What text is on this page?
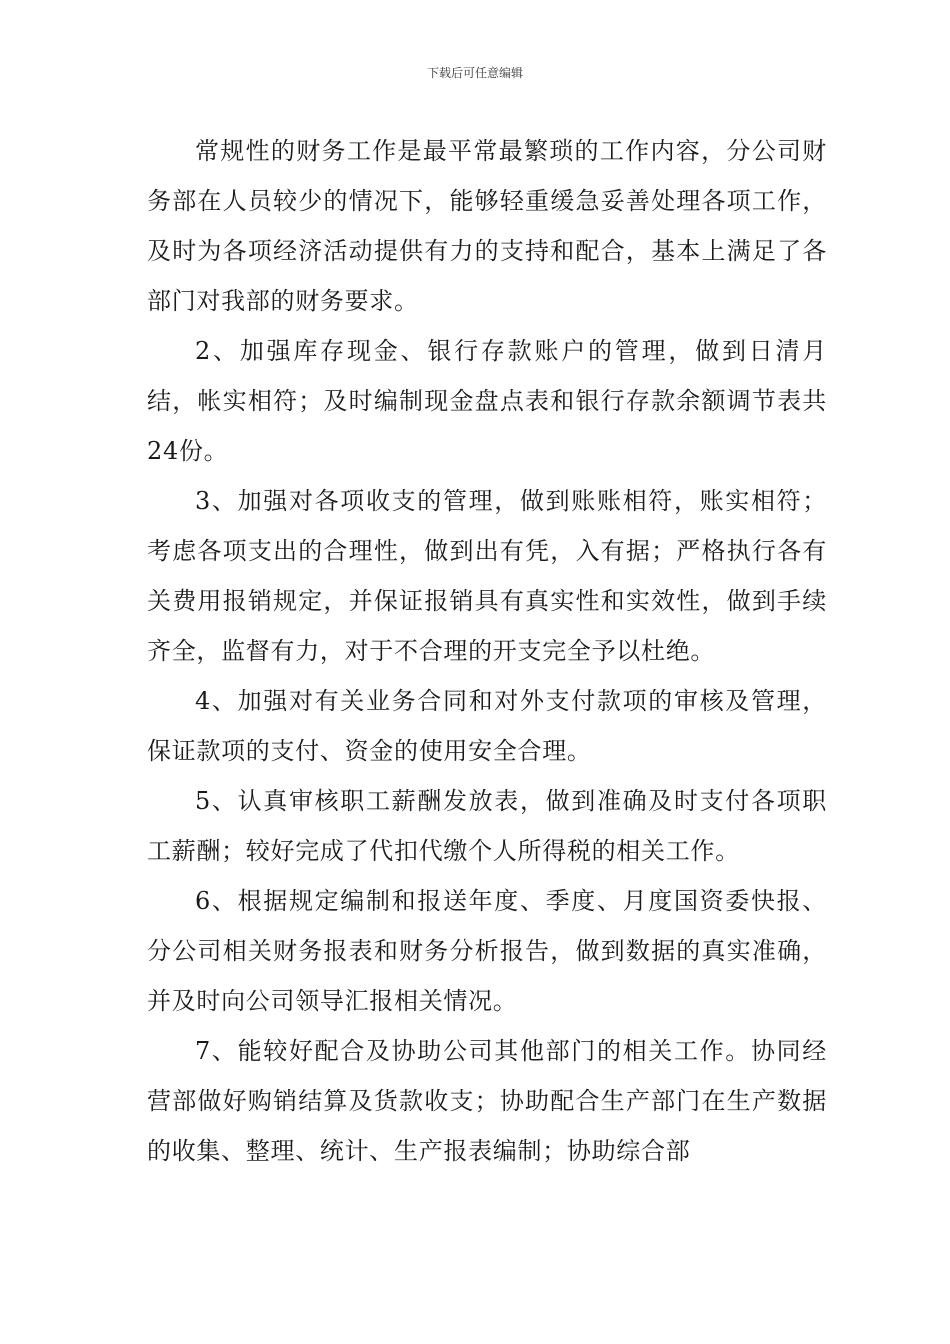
下载后可任意编辑

常规性的财务工作是最平常最繁琐的工作内容，分公司财务部在人员较少的情况下，能够轻重缓急妥善处理各项工作，及时为各项经济活动提供有力的支持和配合，基本上满足了各部门对我部的财务要求。

2、加强库存现金、银行存款账户的管理，做到日清月结，帐实相符；及时编制现金盘点表和银行存款余额调节表共24份。

3、加强对各项收支的管理，做到账账相符，账实相符；考虑各项支出的合理性，做到出有凭，入有据；严格执行各有关费用报销规定，并保证报销具有真实性和实效性，做到手续齐全，监督有力，对于不合理的开支完全予以杜绝。

4、加强对有关业务合同和对外支付款项的审核及管理，保证款项的支付、资金的使用安全合理。

5、认真审核职工薪酬发放表，做到准确及时支付各项职工薪酬；较好完成了代扣代缴个人所得税的相关工作。

6、根据规定编制和报送年度、季度、月度国资委快报、分公司相关财务报表和财务分析报告，做到数据的真实准确，并及时向公司领导汇报相关情况。

7、能较好配合及协助公司其他部门的相关工作。协同经营部做好购销结算及货款收支；协助配合生产部门在生产数据的收集、整理、统计、生产报表编制；协助综合部
